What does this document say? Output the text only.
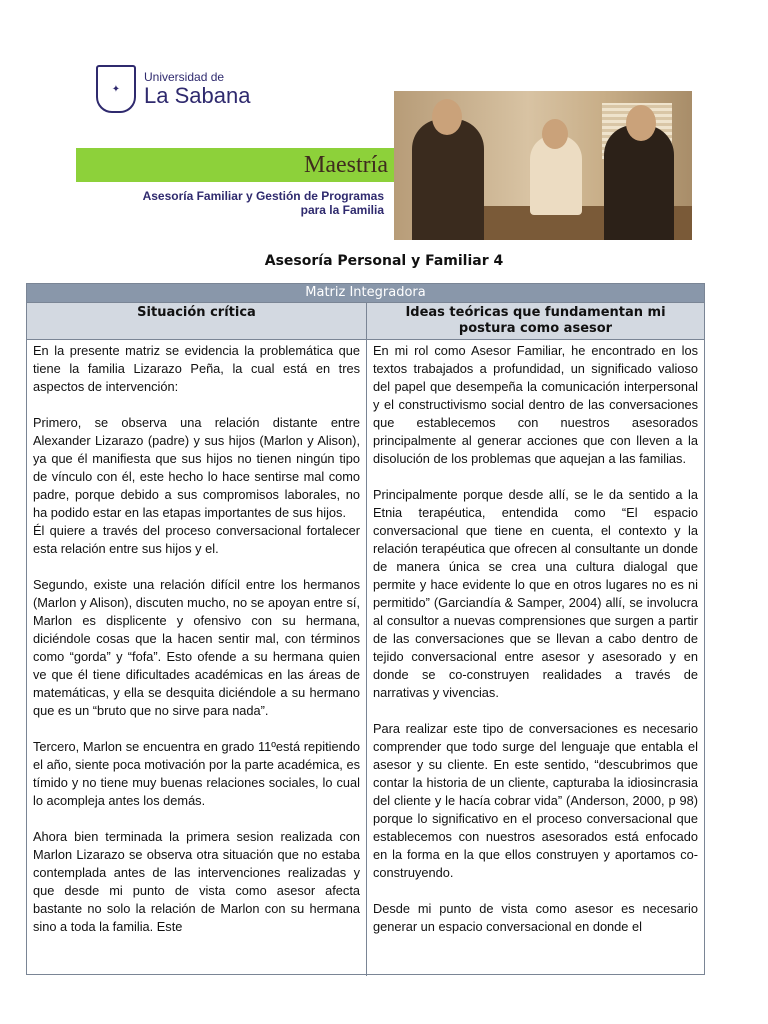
✦
Universidad de
La Sabana
Maestría
Asesoría Familiar y Gestión de Programas
para la Familia
Asesoría Personal y Familiar 4
Matriz Integradora
Situación crítica	Ideas teóricas que fundamentan mi postura como asesor

En la presente matriz se evidencia la problemática que tiene la familia Lizarazo Peña, la cual está en tres aspectos de intervención:

Primero, se observa una relación distante entre Alexander Lizarazo (padre) y sus hijos (Marlon y Alison), ya que él manifiesta que sus hijos no tienen ningún tipo de vínculo con él, este hecho lo hace sentirse mal como padre, porque debido a sus compromisos laborales, no ha podido estar en las etapas importantes de sus hijos.

Él quiere a través del proceso conversacional fortalecer esta relación entre sus hijos y el.

Segundo, existe una relación difícil entre los hermanos (Marlon y Alison), discuten mucho, no se apoyan entre sí, Marlon es displicente y ofensivo con su hermana, diciéndole cosas que la hacen sentir mal, con términos como “gorda” y “fofa”. Esto ofende a su hermana quien ve que él tiene dificultades académicas en las áreas de matemáticas, y ella se desquita diciéndole a su hermano que es un “bruto que no sirve para nada”.

Tercero, Marlon se encuentra en grado 11ºestá repitiendo el año, siente poca motivación por la parte académica, es tímido y no tiene muy buenas relaciones sociales, lo cual lo acompleja antes los demás.

Ahora bien terminada la primera sesion realizada con Marlon Lizarazo se observa otra situación que no estaba contemplada antes de las intervenciones realizadas y que desde mi punto de vista como asesor afecta bastante no solo la relación de Marlon con su hermana sino a toda la familia. Este

En mi rol como Asesor Familiar, he encontrado en los textos trabajados a profundidad, un significado valioso del papel que desempeña la comunicación interpersonal y el constructivismo social dentro de las conversaciones que establecemos con nuestros asesorados principalmente al generar acciones que con lleven a la disolución de los problemas que aquejan a las familias.

Principalmente porque desde allí, se le da sentido a la Etnia terapéutica, entendida como “El espacio conversacional que tiene en cuenta, el contexto y la relación terapéutica que ofrecen al consultante un donde de manera única se crea una cultura dialogal que permite y hace evidente lo que en otros lugares no es ni permitido” (Garciandía & Samper, 2004) allí, se involucra al consultor a nuevas comprensiones que surgen a partir de las conversaciones que se llevan a cabo dentro de tejido conversacional entre asesor y asesorado y en donde se co-construyen realidades a través de narrativas y vivencias.

Para realizar este tipo de conversaciones es necesario comprender que todo surge del lenguaje que entabla el asesor y su cliente. En este sentido, “descubrimos que contar la historia de un cliente, capturaba la idiosincrasia del cliente y le hacía cobrar vida” (Anderson, 2000, p 98) porque lo significativo en el proceso conversacional que establecemos con nuestros asesorados está enfocado en la forma en la que ellos construyen y aportamos co-construyendo.

Desde mi punto de vista como asesor es necesario generar un espacio conversacional en donde el
